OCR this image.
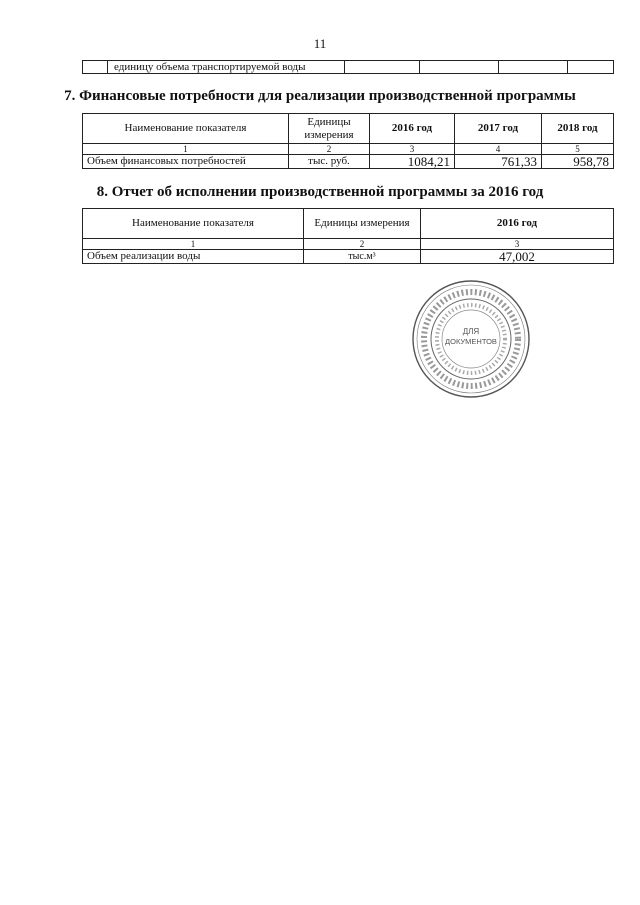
11
	единицу объема транспортируемой воды				
7. Финансовые потребности для реализации производственной программы
Наименование показателя	Единицы измерения	2016 год	2017 год	2018 год
1	2	3	4	5
Объем финансовых потребностей	тыс. руб.	1084,21	761,33	958,78
8. Отчет об исполнении производственной программы за 2016 год
Наименование показателя	Единицы измерения	2016 год
1	2	3
Объем реализации воды	тыс.м³	47,002
ДЛЯ
ДОКУМЕНТОВ
